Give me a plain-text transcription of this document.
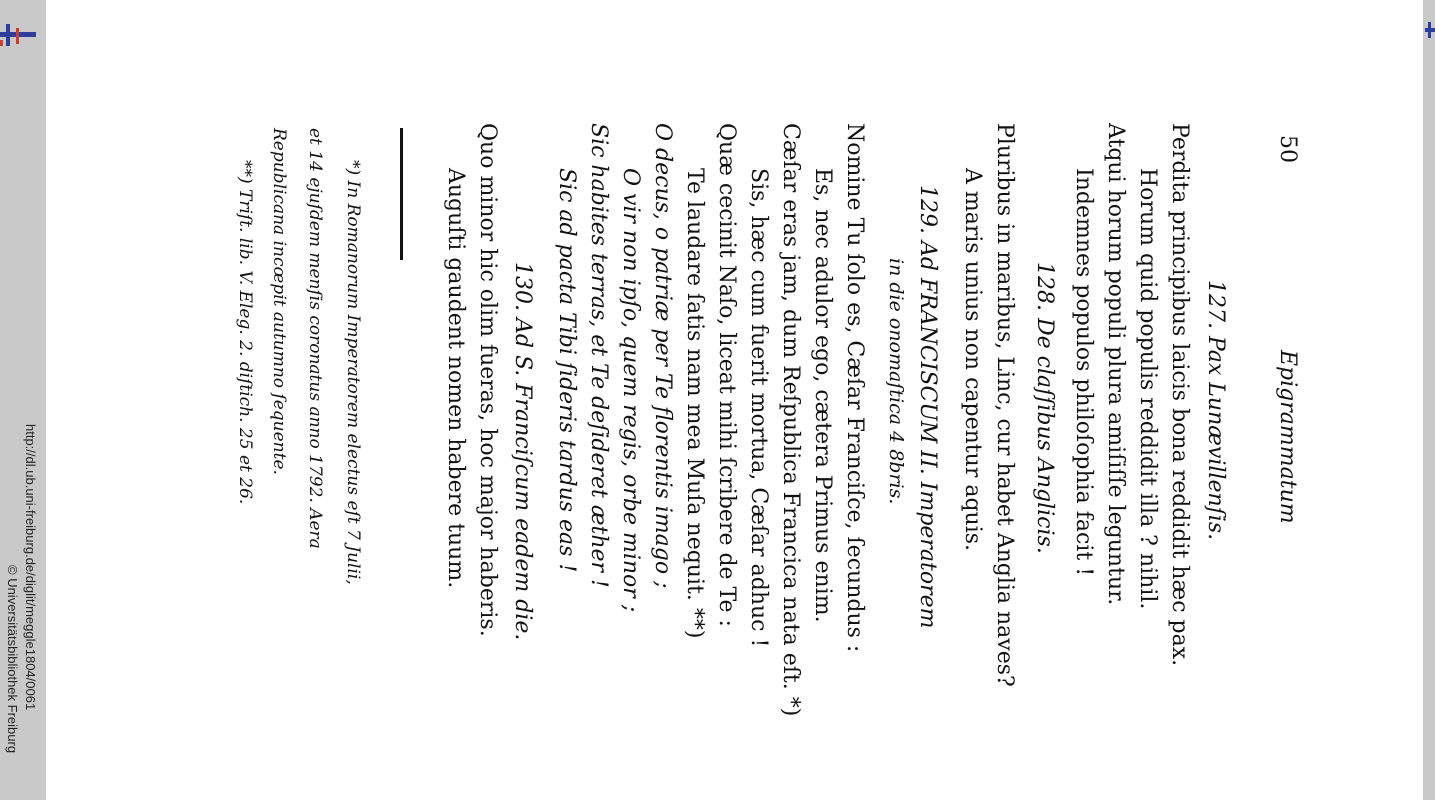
http://dl.ub.uni-freiburg.de/diglit/meggle1804/0061
© Universitätsbibliothek Freiburg
50
Epigrammatum
127. Pax Lunævillenſis.
Perdita principibus laicis bona reddidit hæc pax.
Horum quid populis reddidit illa ? nihil.
Atqui horum populi plura amiſiſſe leguntur.
Indemnes populos philoſophia facit !
128. De claſſibus Anglicis.
Pluribus in maribus, Linc, cur habet Anglia naves?
A maris unius non capentur aquis.
129. Ad FRANCISCUM II. Imperatorem
in die onomaſtica 4 8bris.
Nomine Tu ſolo es, Cæſar Franciſce, ſecundus :
Es, nec adulor ego, cætera Primus enim.
Cæſar eras jam, dum Reſpublica Francica nata eſt. *)
Sis, hæc cum fuerit mortua, Cæſar adhuc !
Quæ cecinit Naſo, liceat mihi ſcribere de Te :
Te laudare ſatis nam mea Muſa nequit. **)
O decus, o patriæ per Te florentis imago ;
O vir non ipſo, quem regis, orbe minor ;
Sic habites terras, et Te deſideret æther !
Sic ad pacta Tibi ſideris tardus eas !
130. Ad S. Franciſcum eadem die.
Quo minor hic olim fueras, hoc major haberis.
Auguſti gaudent nomen habere tuum.
*) In Romanorum Imperatorem electus eſt 7 Julii,
et 14 ejuſdem menſis coronatus anno 1792. Aera
Republicana incœpit autumno ſequente.
**) Triſt. lib. V. Eleg. 2. diſtich. 25 et 26.
